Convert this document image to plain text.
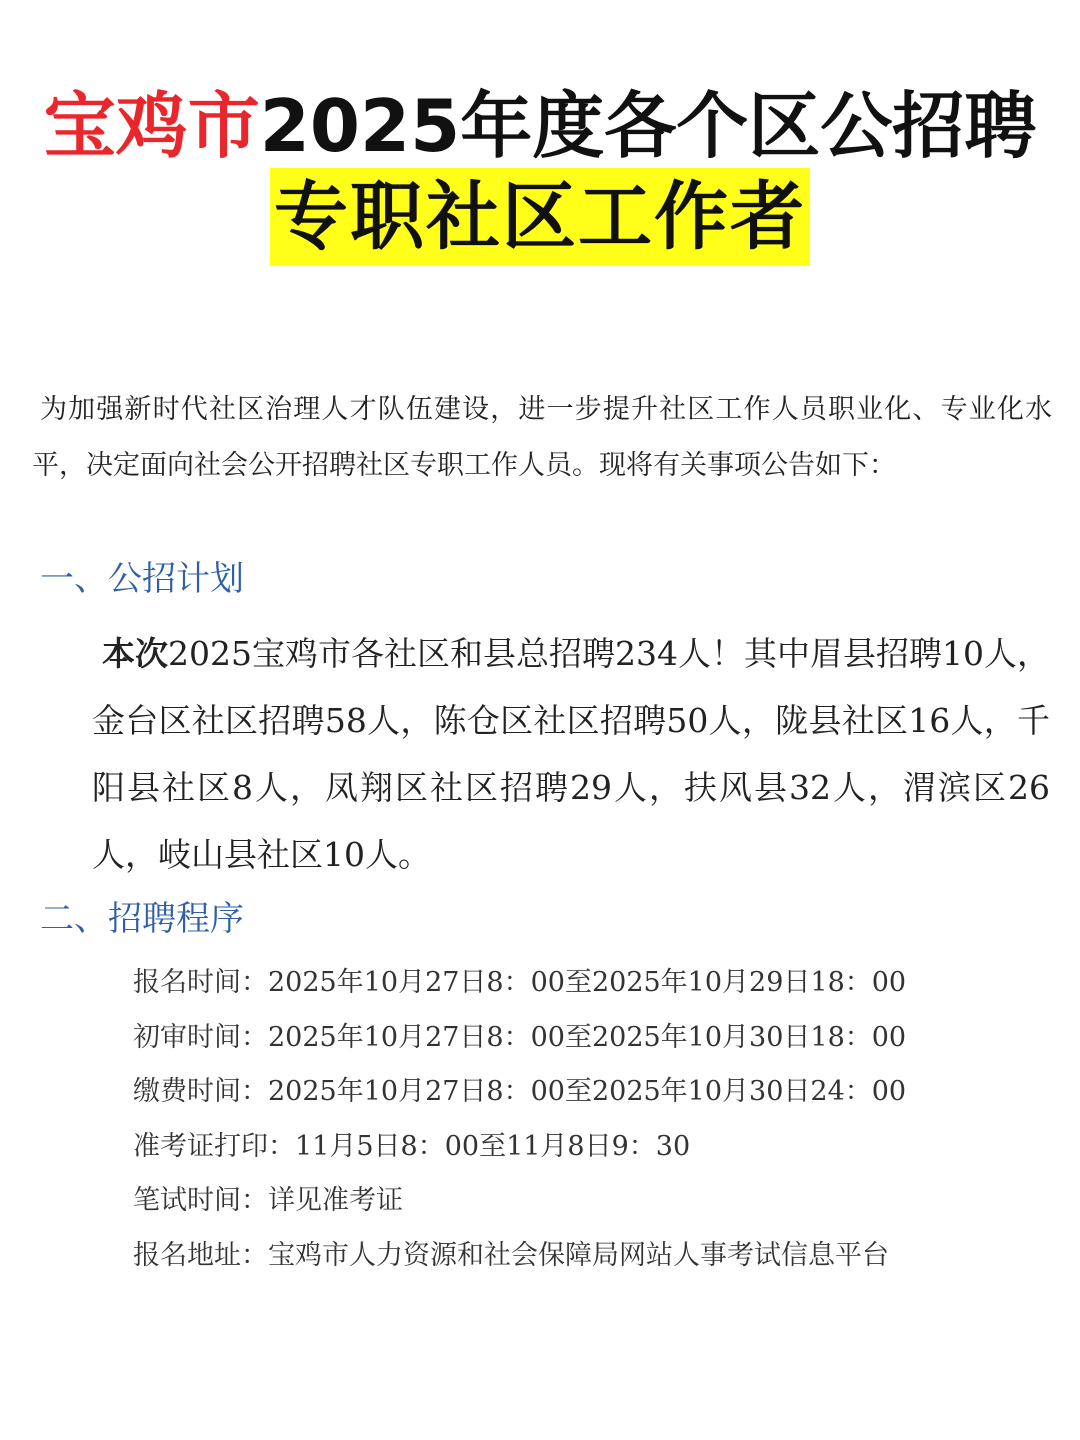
宝鸡市2025年度各个区公招聘
专职社区工作者

为加强新时代社区治理人才队伍建设，进一步提升社区工作人员职业化、专业化水平，决定面向社会公开招聘社区专职工作人员。现将有关事项公告如下：

一、公招计划

本次2025宝鸡市各社区和县总招聘234人！其中眉县招聘10人，金台区社区招聘58人，陈仓区社区招聘50人，陇县社区16人，千阳县社区8人，凤翔区社区招聘29人，扶风县32人，渭滨区26人，岐山县社区10人。

二、招聘程序
报名时间：2025年10月27日8：00至2025年10月29日18：00
初审时间：2025年10月27日8：00至2025年10月30日18：00
缴费时间：2025年10月27日8：00至2025年10月30日24：00
准考证打印：11月5日8：00至11月8日9：30
笔试时间：详见准考证
报名地址：宝鸡市人力资源和社会保障局网站人事考试信息平台
